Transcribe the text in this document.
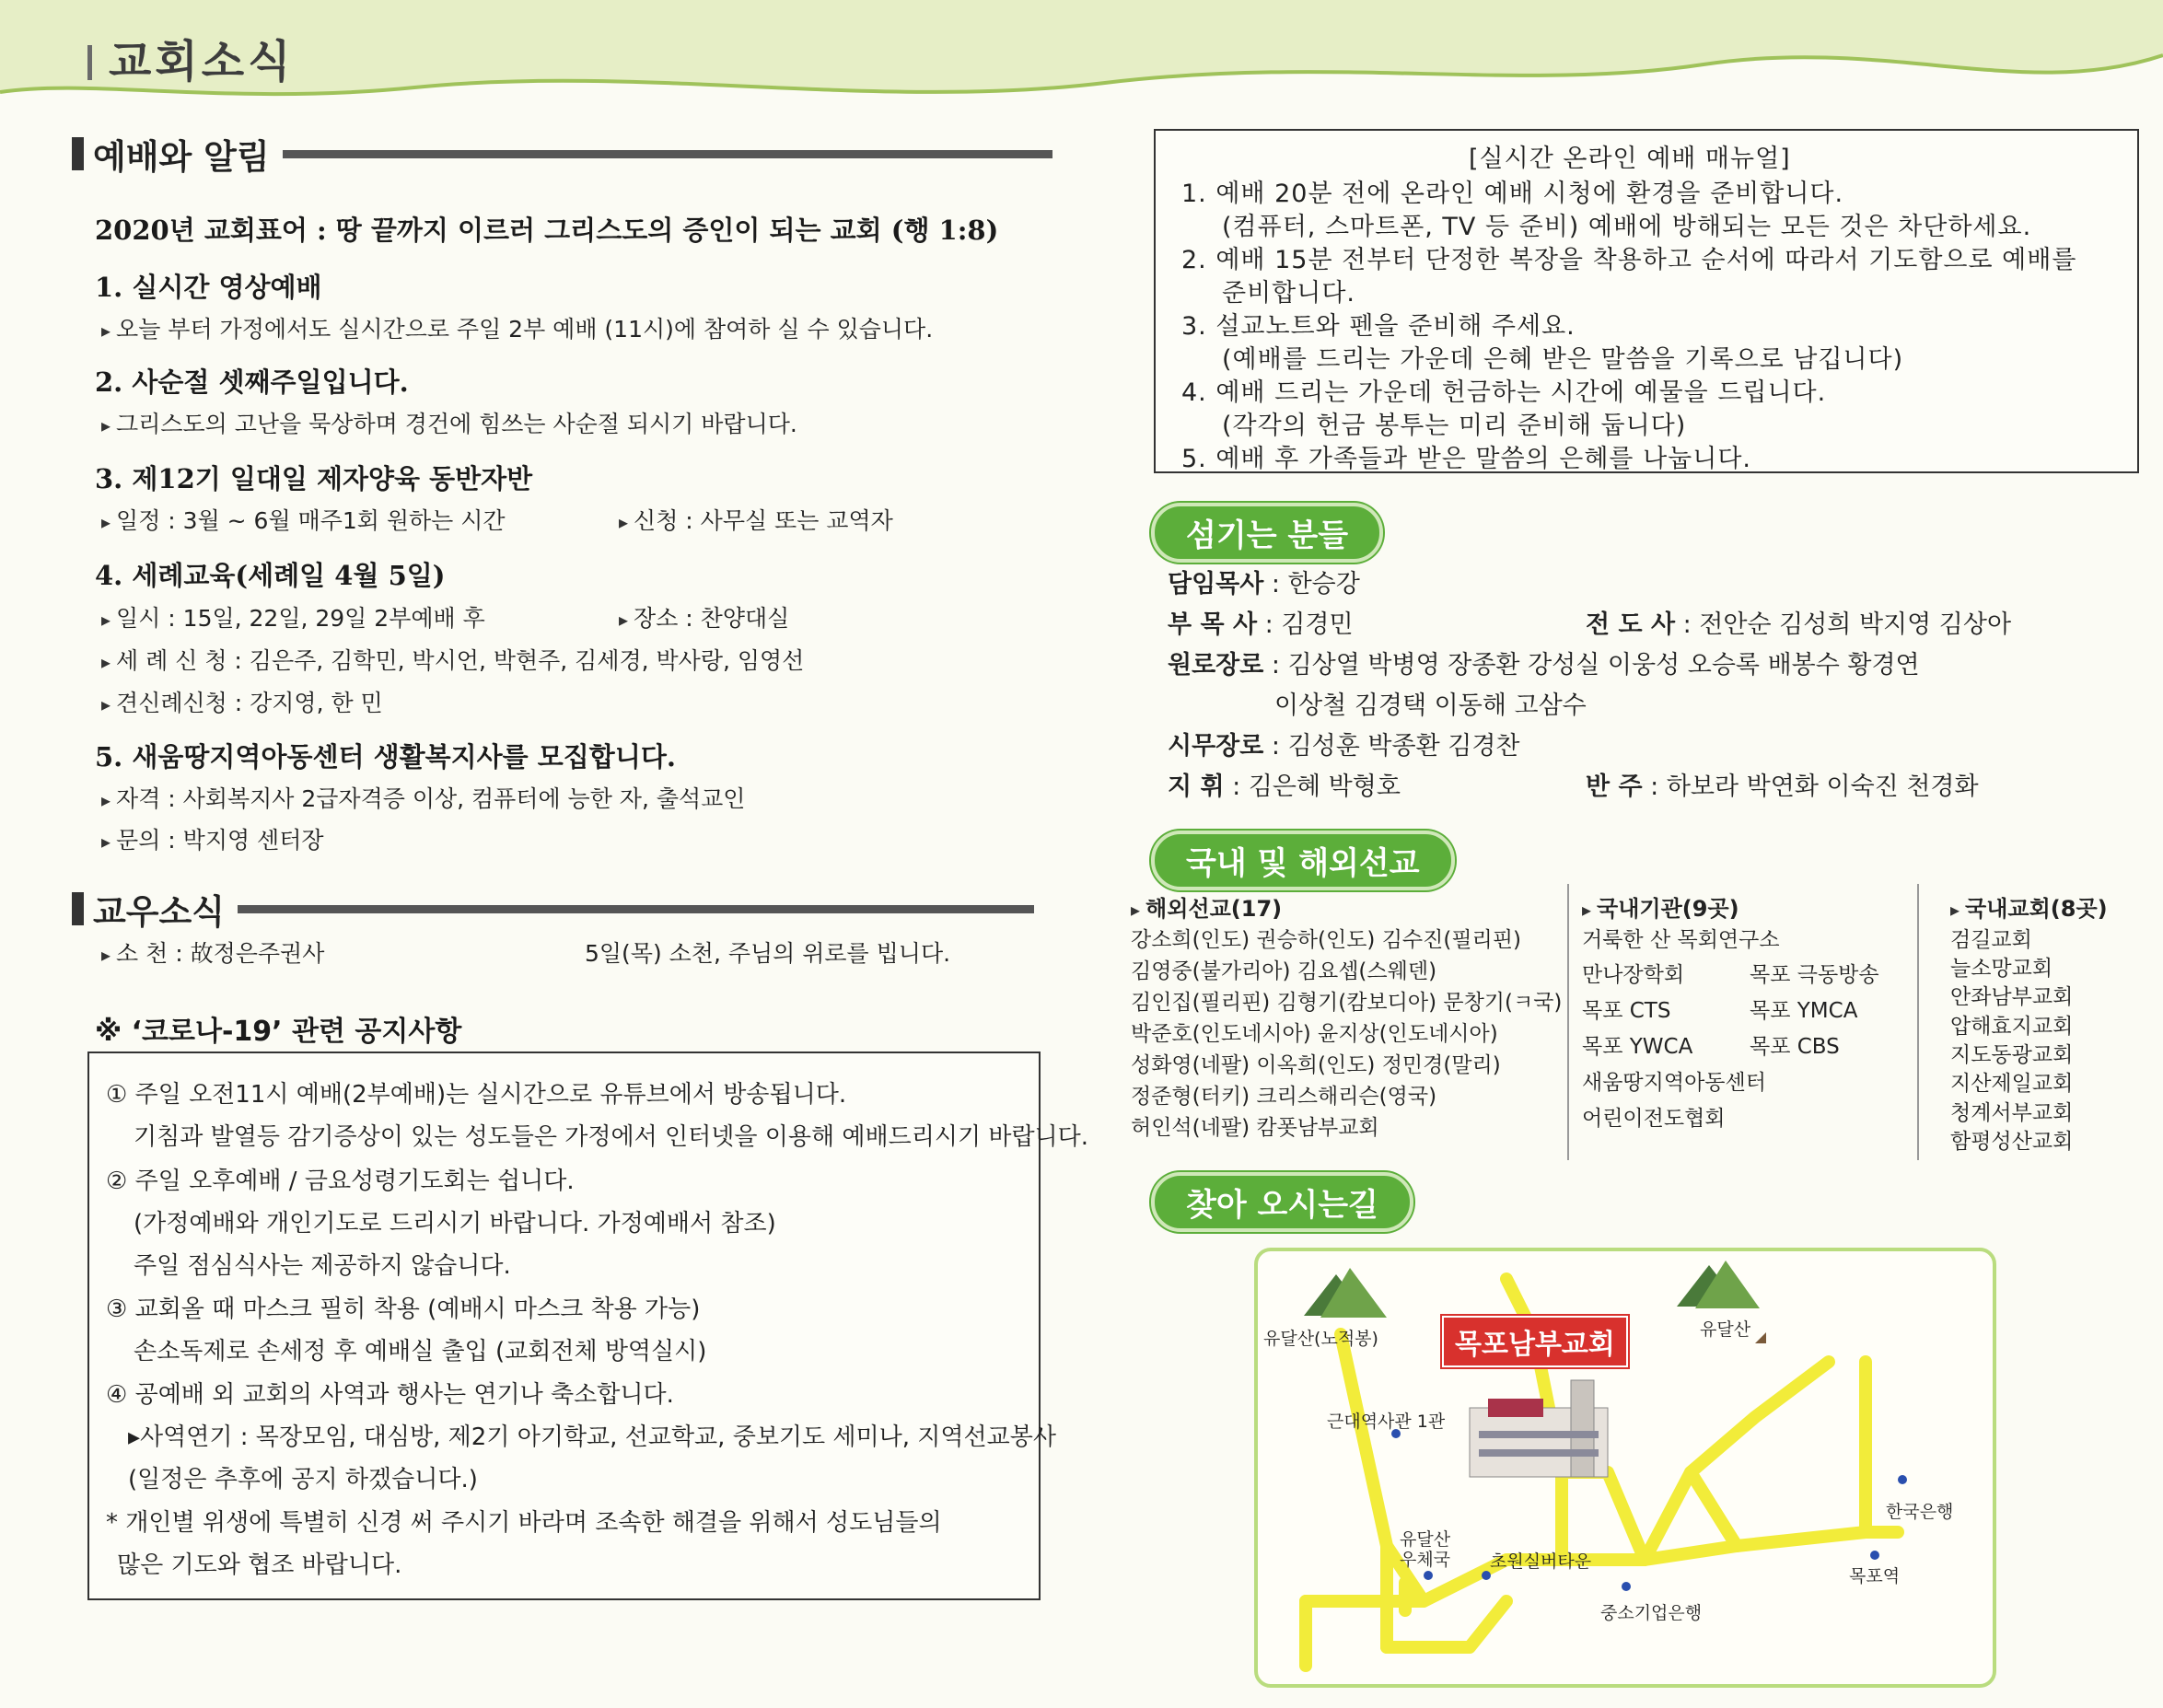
교회소식
예배와 알림
2020년 교회표어 : 땅 끝까지 이르러 그리스도의 증인이 되는 교회 (행 1:8)
1. 실시간 영상예배
▸ 오늘 부터 가정에서도 실시간으로 주일 2부 예배 (11시)에 참여하 실 수 있습니다.
2. 사순절 셋째주일입니다.
▸ 그리스도의 고난을 묵상하며 경건에 힘쓰는 사순절 되시기 바랍니다.
3. 제12기 일대일 제자양육 동반자반
▸ 일정 : 3월 ~ 6월 매주1회 원하는 시간	▸ 신청 : 사무실 또는 교역자
4. 세례교육(세례일 4월 5일)
▸ 일시 : 15일, 22일, 29일 2부예배 후	▸ 장소 : 찬양대실
▸ 세 례 신 청 : 김은주, 김학민, 박시언, 박현주, 김세경, 박사랑, 임영선
▸ 견신례신청 : 강지영, 한 민
5. 새움땅지역아동센터 생활복지사를 모집합니다.
▸ 자격 : 사회복지사 2급자격증 이상, 컴퓨터에 능한 자, 출석교인
▸ 문의 : 박지영 센터장
교우소식
▸ 소 천 : 故정은주권사	5일(목) 소천, 주님의 위로를 빕니다.
※ ‘코로나-19’ 관련 공지사항
① 주일 오전11시 예배(2부예배)는 실시간으로 유튜브에서 방송됩니다.
기침과 발열등 감기증상이 있는 성도들은 가정에서 인터넷을 이용해 예배드리시기 바랍니다.
② 주일 오후예배 / 금요성령기도회는 쉽니다.
(가정예배와 개인기도로 드리시기 바랍니다. 가정예배서 참조)
주일 점심식사는 제공하지 않습니다.
③ 교회올 때 마스크 필히 착용 (예배시 마스크 착용 가능)
손소독제로 손세정 후 예배실 출입 (교회전체 방역실시)
④ 공예배 외 교회의 사역과 행사는 연기나 축소합니다.
▸사역연기 : 목장모임, 대심방, 제2기 아기학교, 선교학교, 중보기도 세미나, 지역선교봉사
(일정은 추후에 공지 하겠습니다.)
* 개인별 위생에 특별히 신경 써 주시기 바라며 조속한 해결을 위해서 성도님들의
많은 기도와 협조 바랍니다.
[실시간 온라인 예배 매뉴얼]
1. 예배 20분 전에 온라인 예배 시청에 환경을 준비합니다.
(컴퓨터, 스마트폰, TV 등 준비) 예배에 방해되는 모든 것은 차단하세요.
2. 예배 15분 전부터 단정한 복장을 착용하고 순서에 따라서 기도함으로 예배를
준비합니다.
3. 설교노트와 펜을 준비해 주세요.
(예배를 드리는 가운데 은혜 받은 말씀을 기록으로 남깁니다)
4. 예배 드리는 가운데 헌금하는 시간에 예물을 드립니다.
(각각의 헌금 봉투는 미리 준비해 둡니다)
5. 예배 후 가족들과 받은 말씀의 은혜를 나눕니다.
섬기는 분들
담임목사 : 한승강
부 목 사 : 김경민	전 도 사 : 전안순 김성희 박지영 김상아
원로장로 : 김상열 박병영 장종환 강성실 이웅성 오승록 배봉수 황경연
이상철 김경택 이동해 고삼수
시무장로 : 김성훈 박종환 김경찬
지 휘 : 김은혜 박형호	반 주 : 하보라 박연화 이숙진 천경화
국내 및 해외선교
▸ 해외선교(17)
강소희(인도) 권승하(인도) 김수진(필리핀)
김영중(불가리아) 김요셉(스웨덴)
김인집(필리핀) 김형기(캄보디아) 문창기(ㅋ국)
박준호(인도네시아) 윤지상(인도네시아)
성화영(네팔) 이옥희(인도) 정민경(말리)
정준형(터키) 크리스해리슨(영국)
허인석(네팔) 캄폿남부교회
▸ 국내기관(9곳)
거룩한 산 목회연구소
만나장학회	목포 극동방송
목포 CTS	목포 YMCA
목포 YWCA	목포 CBS
새움땅지역아동센터
어린이전도협회
▸ 국내교회(8곳)
검길교회
늘소망교회
안좌남부교회
압해효지교회
지도동광교회
지산제일교회
청계서부교회
함평성산교회
찾아 오시는길
목포남부교회
유달산(노적봉)	유달산
근대역사관 1관
유달산
우체국 초원실버타운
중소기업은행
한국은행
목포역
